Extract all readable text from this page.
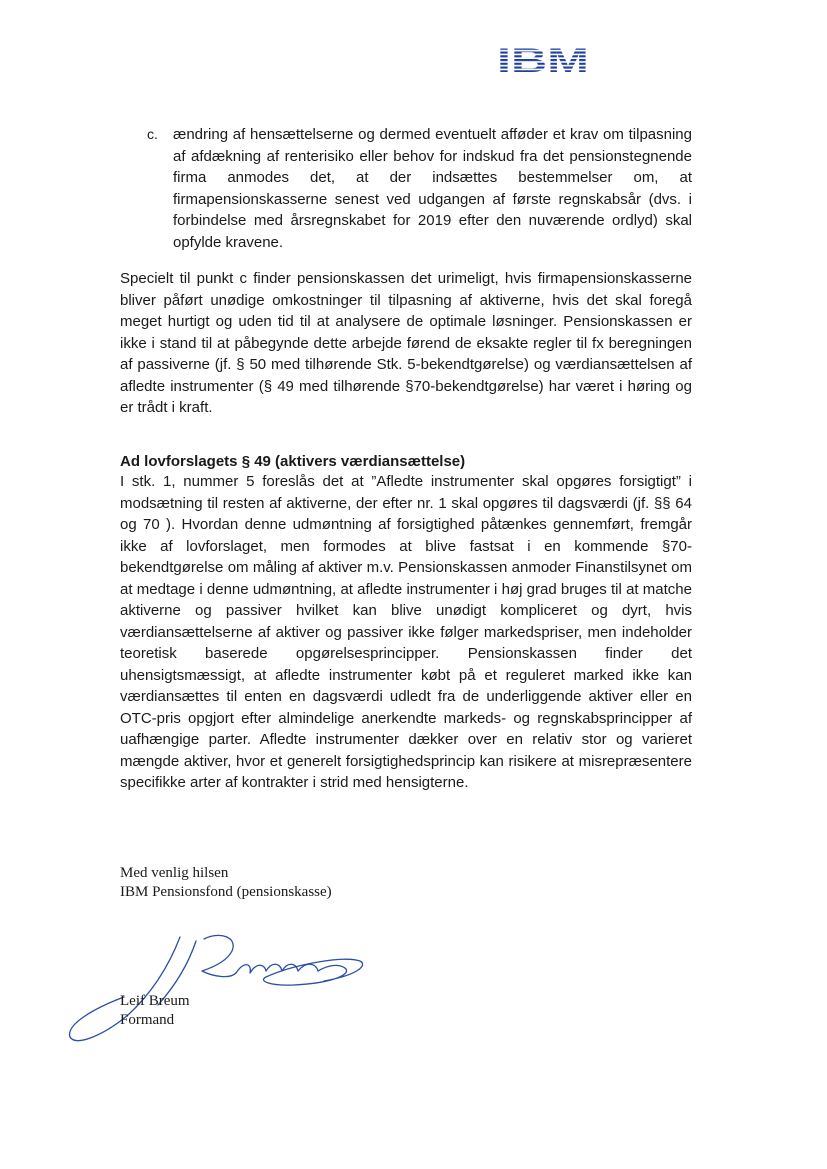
c. ændring af hensættelserne og dermed eventuelt afføder et krav om tilpasning af afdækning af renterisiko eller behov for indskud fra det pensionstegnende firma anmodes det, at der indsættes bestemmelser om, at firmapensionskasserne senest ved udgangen af første regnskabsår (dvs. i forbindelse med årsregnskabet for 2019 efter den nuværende ordlyd) skal opfylde kravene.

Specielt til punkt c finder pensionskassen det urimeligt, hvis firmapensionskasserne bliver påført unødige omkostninger til tilpasning af aktiverne, hvis det skal foregå meget hurtigt og uden tid til at analysere de optimale løsninger. Pensionskassen er ikke i stand til at påbegynde dette arbejde førend de eksakte regler til fx beregningen af passiverne (jf. § 50 med tilhørende Stk. 5-bekendtgørelse) og værdiansættelsen af afledte instrumenter (§ 49 med tilhørende §70-bekendtgørelse) har været i høring og er trådt i kraft.

Ad lovforslagets § 49 (aktivers værdiansættelse)

I stk. 1, nummer 5 foreslås det at ”Afledte instrumenter skal opgøres forsigtigt” i modsætning til resten af aktiverne, der efter nr. 1 skal opgøres til dagsværdi (jf. §§ 64 og 70 ). Hvordan denne udmøntning af forsigtighed påtænkes gennemført, fremgår ikke af lovforslaget, men formodes at blive fastsat i en kommende §70-bekendtgørelse om måling af aktiver m.v. Pensionskassen anmoder Finanstilsynet om at medtage i denne udmøntning, at afledte instrumenter i høj grad bruges til at matche aktiverne og passiver hvilket kan blive unødigt kompliceret og dyrt, hvis værdiansættelserne af aktiver og passiver ikke følger markedspriser, men indeholder teoretisk baserede opgørelsesprincipper. Pensionskassen finder det uhensigtsmæssigt, at afledte instrumenter købt på et reguleret marked ikke kan værdiansættes til enten en dagsværdi udledt fra de underliggende aktiver eller en OTC-pris opgjort efter almindelige anerkendte markeds- og regnskabsprincipper af uafhængige parter. Afledte instrumenter dækker over en relativ stor og varieret mængde aktiver, hvor et generelt forsigtighedsprincip kan risikere at misrepræsentere specifikke arter af kontrakter i strid med hensigterne.

Med venlig hilsen
IBM Pensionsfond (pensionskasse)
Leif Breum
Formand
